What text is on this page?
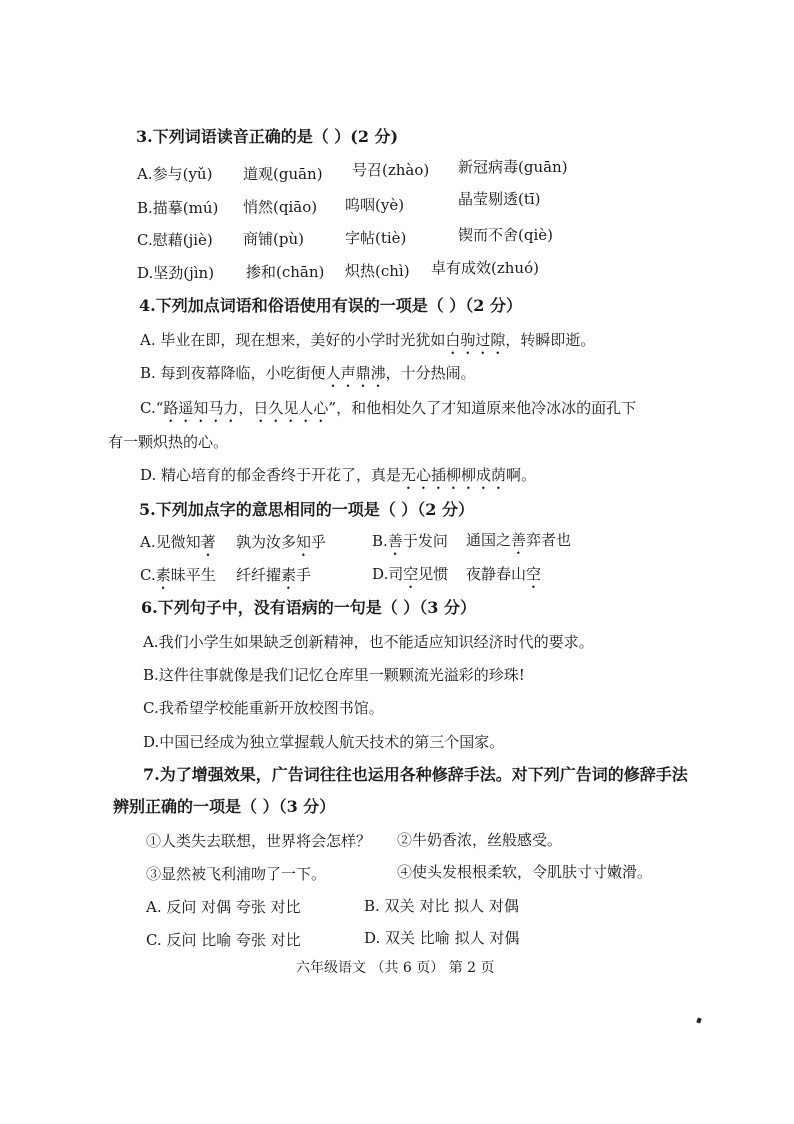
3.下列词语读音正确的是（ ）(2 分)
A.参与(yǔ) 道观(guān) 号召(zhào) 新冠病毒(guān)
B.描摹(mú) 悄然(qiāo) 呜咽(yè)	晶莹剔透(tī)
C.慰藉(jiè) 商铺(pù)	字帖(tiè)	锲而不舍(qiè)
D.坚劲(jìn) 掺和(chān) 炽热(chì) 卓有成效(zhuó)
4.下列加点词语和俗语使用有误的一项是（ ）（2 分）
A. 毕业在即，现在想来，美好的小学时光犹如白驹过隙，转瞬即逝。
B. 每到夜幕降临，小吃街便人声鼎沸，十分热闹。
C.“路遥知马力，日久见人心”，和他相处久了才知道原来他冷冰冰的面孔下
有一颗炽热的心。
D. 精心培育的郁金香终于开花了，真是无心插柳柳成荫啊。
5.下列加点字的意思相同的一项是（ ）（2 分）
A.见微知著 孰为汝多知乎	B.善于发问 通国之善弈者也
C.素昧平生 纤纤擢素手	D.司空见惯 夜静春山空
6.下列句子中，没有语病的一句是（ ）（3 分）
A.我们小学生如果缺乏创新精神，也不能适应知识经济时代的要求。
B.这件往事就像是我们记忆仓库里一颗颗流光溢彩的珍珠!
C.我希望学校能重新开放校图书馆。
D.中国已经成为独立掌握载人航天技术的第三个国家。
7.为了增强效果，广告词往往也运用各种修辞手法。对下列广告词的修辞手法
辨别正确的一项是（ ）（3 分）
①人类失去联想，世界将会怎样？ ②牛奶香浓，丝般感受。
③显然被飞利浦吻了一下。	④使头发根根柔软，令肌肤寸寸嫩滑。
A. 反问 对偶 夸张 对比	B. 双关 对比 拟人 对偶
C. 反问 比喻 夸张 对比	D. 双关 比喻 拟人 对偶
六年级语文 （共 6 页） 第 2 页
